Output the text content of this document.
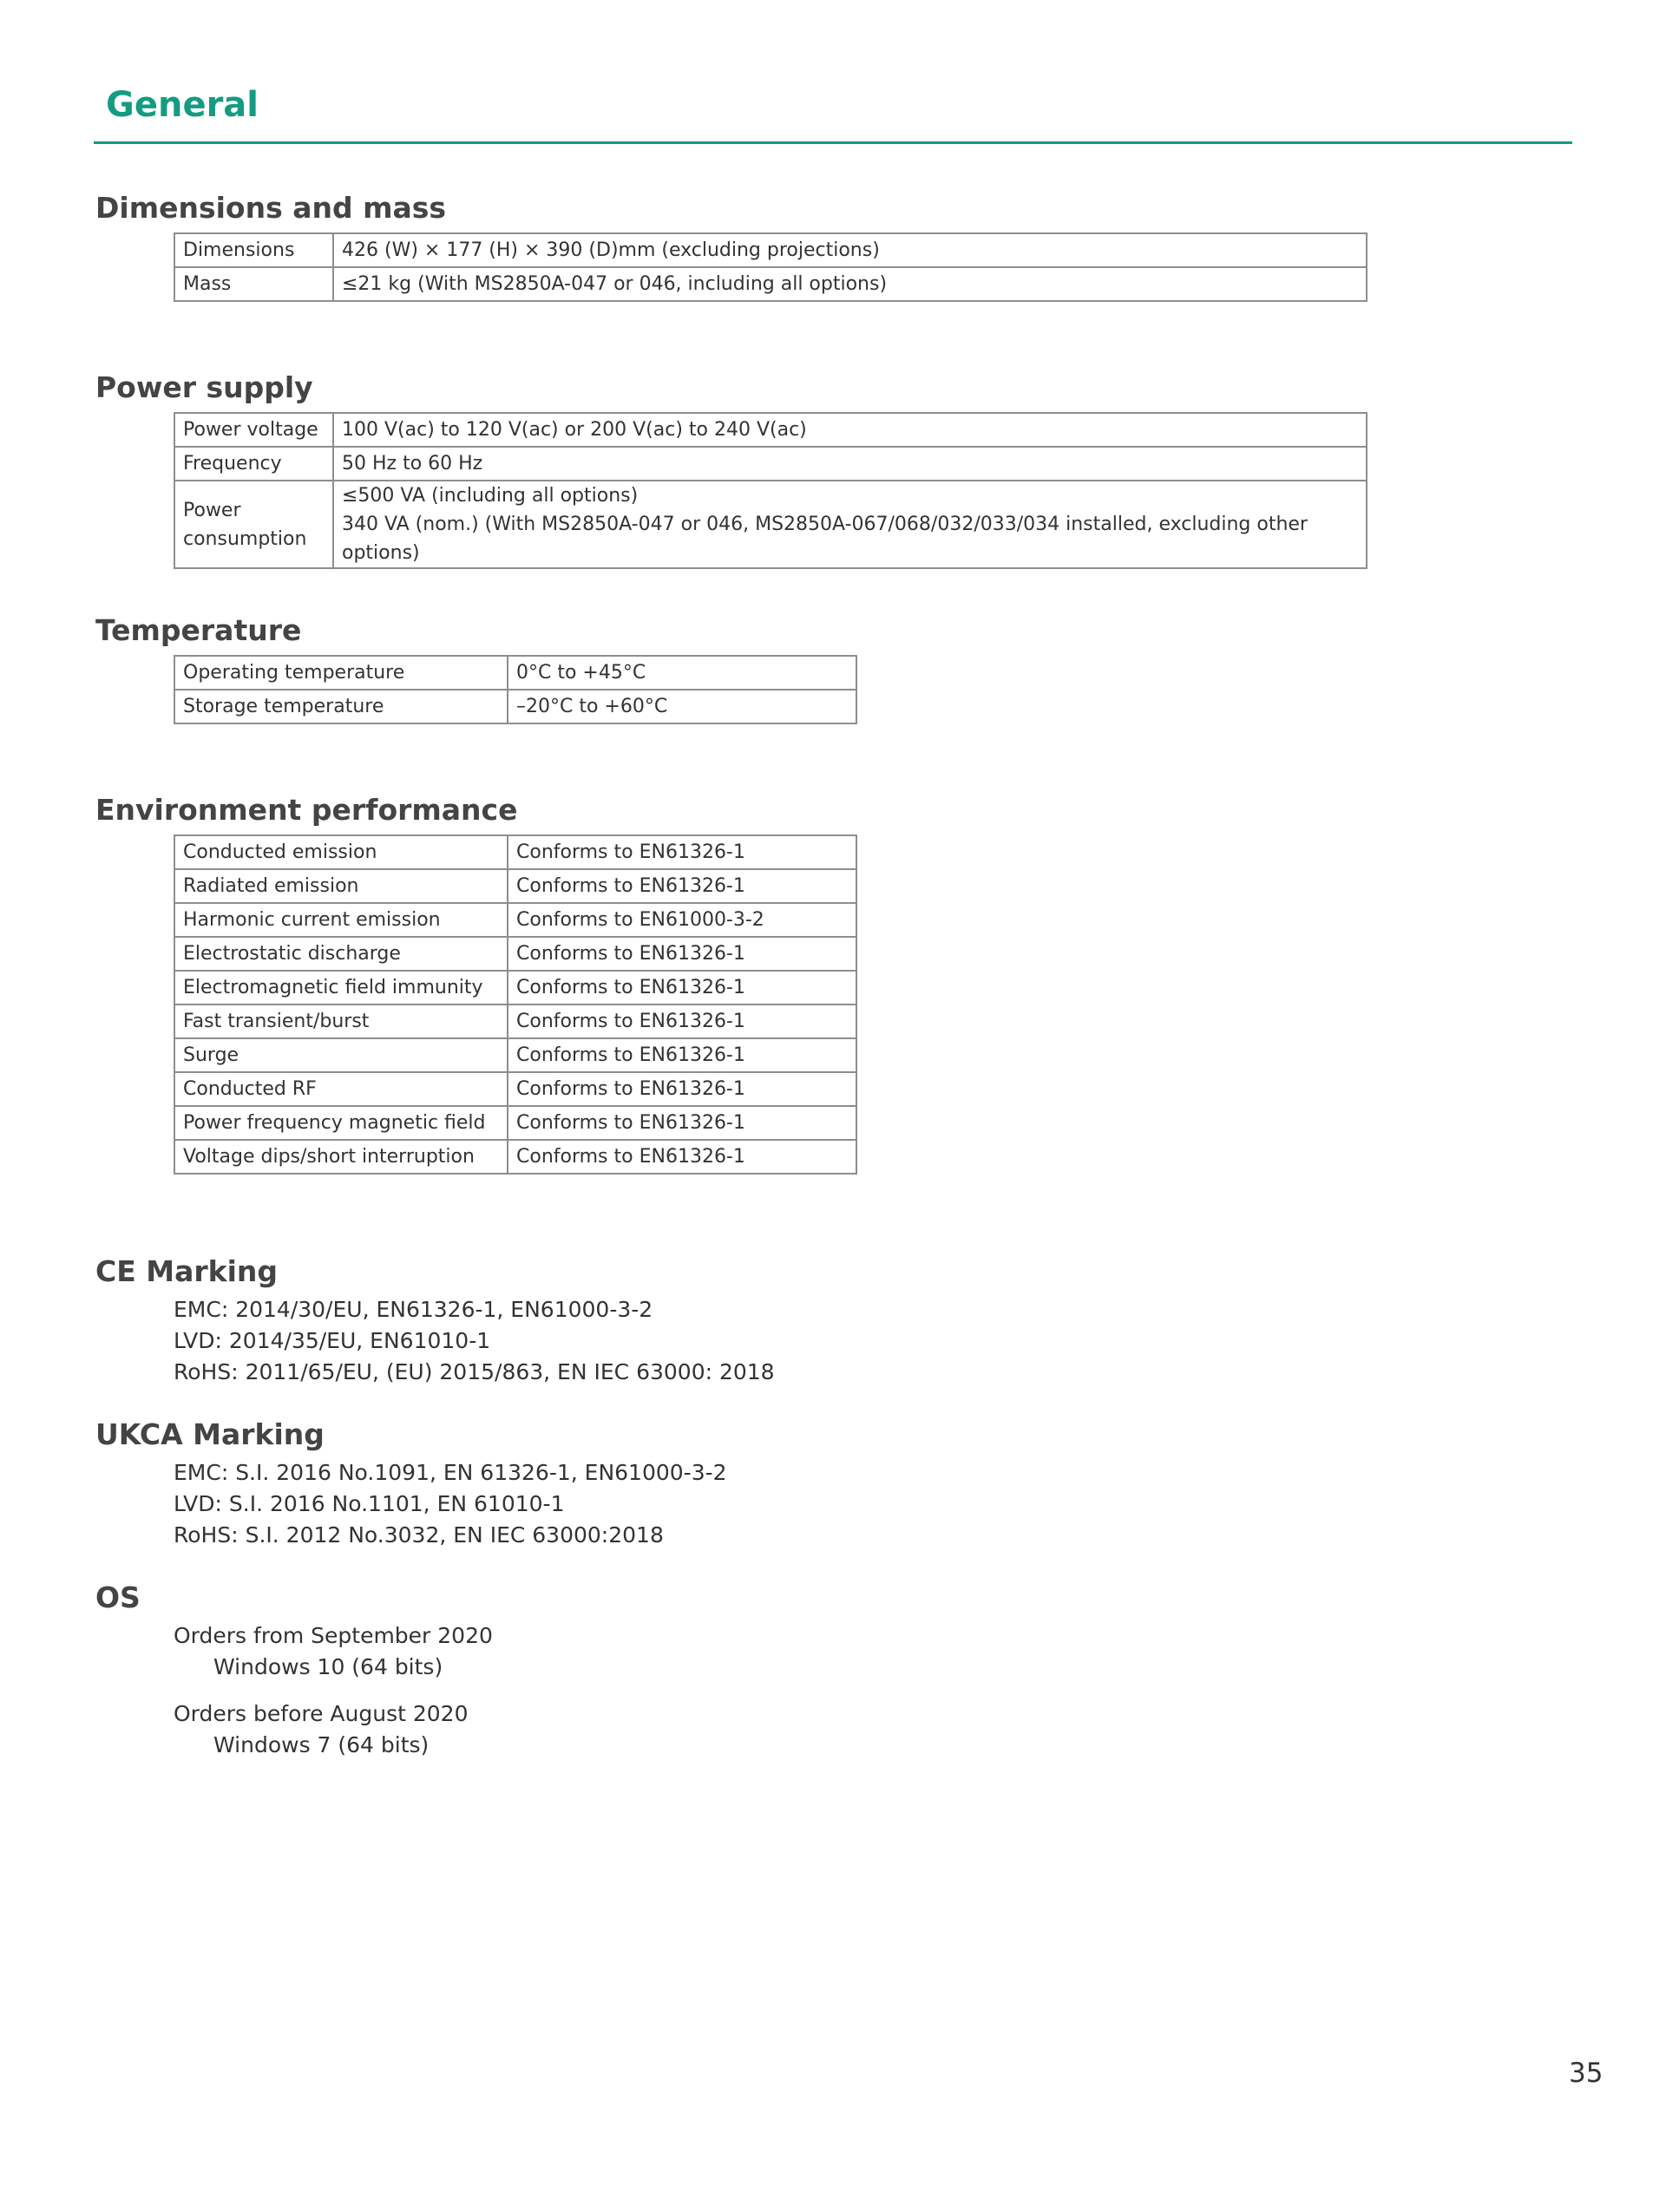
General
Dimensions and mass
Dimensions	426 (W) × 177 (H) × 390 (D)mm (excluding projections)
Mass	≤21 kg (With MS2850A-047 or 046, including all options)
Power supply
Power voltage	100 V(ac) to 120 V(ac) or 200 V(ac) to 240 V(ac)
Frequency	50 Hz to 60 Hz

Power
consumption	≤500 VA (including all options)
340 VA (nom.) (With MS2850A-047 or 046, MS2850A-067/068/032/033/034 installed, excluding other options)
Temperature
Operating temperature	0°C to +45°C
Storage temperature	–20°C to +60°C
Environment performance
Conducted emission	Conforms to EN61326-1
Radiated emission	Conforms to EN61326-1
Harmonic current emission	Conforms to EN61000-3-2
Electrostatic discharge	Conforms to EN61326-1
Electromagnetic field immunity	Conforms to EN61326-1
Fast transient/burst	Conforms to EN61326-1
Surge	Conforms to EN61326-1
Conducted RF	Conforms to EN61326-1
Power frequency magnetic field	Conforms to EN61326-1
Voltage dips/short interruption	Conforms to EN61326-1
CE Marking
EMC: 2014/30/EU, EN61326-1, EN61000-3-2
LVD: 2014/35/EU, EN61010-1
RoHS: 2011/65/EU, (EU) 2015/863, EN IEC 63000: 2018
UKCA Marking
EMC: S.I. 2016 No.1091, EN 61326-1, EN61000-3-2
LVD: S.I. 2016 No.1101, EN 61010-1
RoHS: S.I. 2012 No.3032, EN IEC 63000:2018
OS
Orders from September 2020
Windows 10 (64 bits)
Orders before August 2020
Windows 7 (64 bits)
35
